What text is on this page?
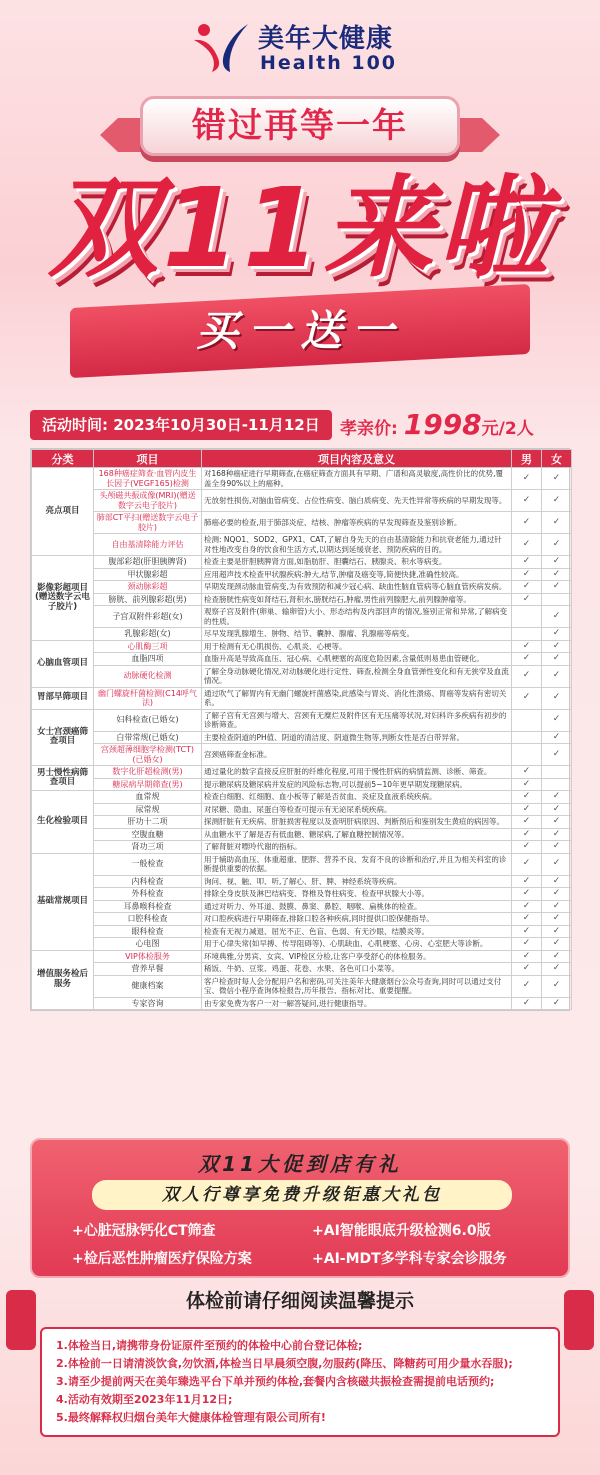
美年大健康
Health 100
错过再等一年
双11来啦
买一送一
活动时间: 2023年10月30日-11月12日	孝亲价: 1998元/2人
分类	项目	项目内容及意义	男	女
亮点项目	168种癌症筛查·血管内皮生长因子(VEGF165)检测	对168种癌症进行早期筛查,在癌症筛查方面具有早期、广谱和高灵敏度,高性价比的优势,覆盖全身90%以上的癌种。	✓	✓
	头颅磁共振成像(MRI)(赠送数字云电子胶片)	无放射性损伤,对脑血管病变、占位性病变、脑白质病变、先天性异常等疾病的早期发现等。	✓	✓
	肺部CT平扫(赠送数字云电子胶片)	肺癌必要的检查,用于肺部炎症、结核、肿瘤等疾病的早发现筛查及鉴别诊断。	✓	✓
	自由基清除能力评估	检测: NQO1、SOD2、GPX1、CAT,了解自身先天的自由基清除能力和抗衰老能力,通过针对性地改变自身的饮食和生活方式,以期达到延缓衰老、预防疾病的目的。	✓	✓
影像彩超项目(赠送数字云电子胶片)	腹部彩超(肝胆胰脾肾)	检查主要是肝胆胰脾肾方面,如脂肪肝、胆囊结石、胰腺炎、积水等病变。	✓	✓
	甲状腺彩超	应用超声技术检查甲状腺疾病:肿大,结节,肿瘤及癌变等,简便快捷,准确性较高。	✓	✓
	颈动脉彩超	早期发现颈动脉血管病变,为有效预防和减少冠心病、缺血性脑血管病等心脑血管疾病发病。	✓	✓
	膀胱、前列腺彩超(男)	检查膀胱性病变如肾结石,肾积水,膀胱结石,肿瘤,男性前列腺肥大,前列腺肿瘤等。	✓	
	子宫双附件彩超(女)	观察子宫及附件(卵巢、输卵管)大小、形态结构及内部回声的情况,鉴别正常和异常,了解病变的性质。		✓
	乳腺彩超(女)	尽早发现乳腺增生、肿物、结节、囊肿、腺瘤、乳腺癌等病变。		✓
心脑血管项目	心肌酶三项	用于检测有无心肌损伤、心肌炎、心梗等。	✓	✓
	血脂四项	血脂升高是导致高血压、冠心病、心肌梗塞的高度危险因素,含量低则易患血管硬化。	✓	✓
	动脉硬化检测	了解全身动脉硬化情况,对动脉硬化进行定性、筛查,检测全身血管弹性变化和有无狭窄及血流情况。	✓	✓
胃部早筛项目	幽门螺旋杆菌检测(C14呼气法)	通过吹气了解胃内有无幽门螺旋杆菌感染,此感染与胃炎、消化性溃疡、胃癌等发病有密切关系。	✓	✓
女士宫颈癌筛查项目	妇科检查(已婚女)	了解子宫有无宫颈与增大、宫颈有无糜烂及附件区有无压痛等状况,对妇科许多疾病有初步的诊断筛查。		✓
	白带常规(已婚女)	主要检查阴道的PH值、阴道的清洁度、阴道微生物等,判断女性是否白带异常。		✓
	宫颈超薄细胞学检测(TCT)(已婚女)	宫颈癌筛查金标准。		✓
男士慢性病筛查项目	数字化肝超检测(男)	通过量化的数字直接反应肝脏的纤维化程度,可用于慢性肝病的病情监测、诊断、筛查。	✓	
	糖尿病早期筛查(男)	提示糖尿病及糖尿病并发症的风险标志物,可以提前5~10年更早期发现糖尿病。	✓	
生化检验项目	血常规	检查白细胞、红细胞、血小板等了解是否贫血、炎症及血液系统疾病。	✓	✓
	尿常规	对尿糖、隐血、尿蛋白等检查可提示有无泌尿系统疾病。	✓	✓
	肝功十二项	探测肝脏有无疾病、肝脏损害程度以及查明肝病原因、判断预后和鉴别发生黄疸的病因等。	✓	✓
	空腹血糖	从血糖水平了解是否有低血糖、糖尿病,了解血糖控制情况等。	✓	✓
	肾功三项	了解肾脏对嘌呤代谢的指标。	✓	✓
基础常规项目	一般检查	用于辅助高血压、体重超重、肥胖、营养不良、发育不良的诊断和治疗,并且为相关科室的诊断提供重要的依据。	✓	✓
	内科检查	询问、视、触、叩、听,了解心、肝、脾、神经系统等疾病。	✓	✓
	外科检查	排除全身皮肤及淋巴结病变、脊椎及脊柱病变、检查甲状腺大小等。	✓	✓
	耳鼻喉科检查	通过对听力、外耳道、鼓膜、鼻窦、鼻腔、咽喉、扁桃体的检查。	✓	✓
	口腔科检查	对口腔疾病进行早期筛查,排除口腔各种疾病,同时提供口腔保健指导。	✓	✓
	眼科检查	检查有无视力减退、屈光不正、色盲、色弱、有无沙眼、结膜炎等。	✓	✓
	心电图	用于心律失常(如早搏、传导阻碍等)、心肌缺血、心肌梗塞、心房、心室肥大等诊断。	✓	✓
增值服务检后服务	VIP体检服务	环境典雅,分男宾、女宾、VIP检区分检,让客户享受舒心的体检服务。	✓	✓
	营养早餐	稀饭、牛奶、豆浆、鸡蛋、花卷、水果、各色可口小菜等。	✓	✓
	健康档案	客户检查时每人会分配用户名和密码,可关注美年大健康烟台公众号查询,同时可以通过支付宝、微信小程序查询体检报告,历年报告、指标对比、重要提醒。	✓	✓
	专家咨询	由专家免费为客户一对一解答疑问,进行健康指导。	✓	✓
双11大促到店有礼
双人行尊享免费升级钜惠大礼包
+心脏冠脉钙化CT筛查	+AI智能眼底升级检测6.0版
+检后恶性肿瘤医疗保险方案	+AI-MDT多学科专家会诊服务
体检前请仔细阅读温馨提示
1.体检当日,请携带身份证原件至预约的体检中心前台登记体检;
2.体检前一日请清淡饮食,勿饮酒,体检当日早晨须空腹,勿服药(降压、降糖药可用少量水吞服);
3.请至少提前两天在美年臻选平台下单并预约体检,套餐内含核磁共振检查需提前电话预约;
4.活动有效期至2023年11月12日;
5.最终解释权归烟台美年大健康体检管理有限公司所有!
